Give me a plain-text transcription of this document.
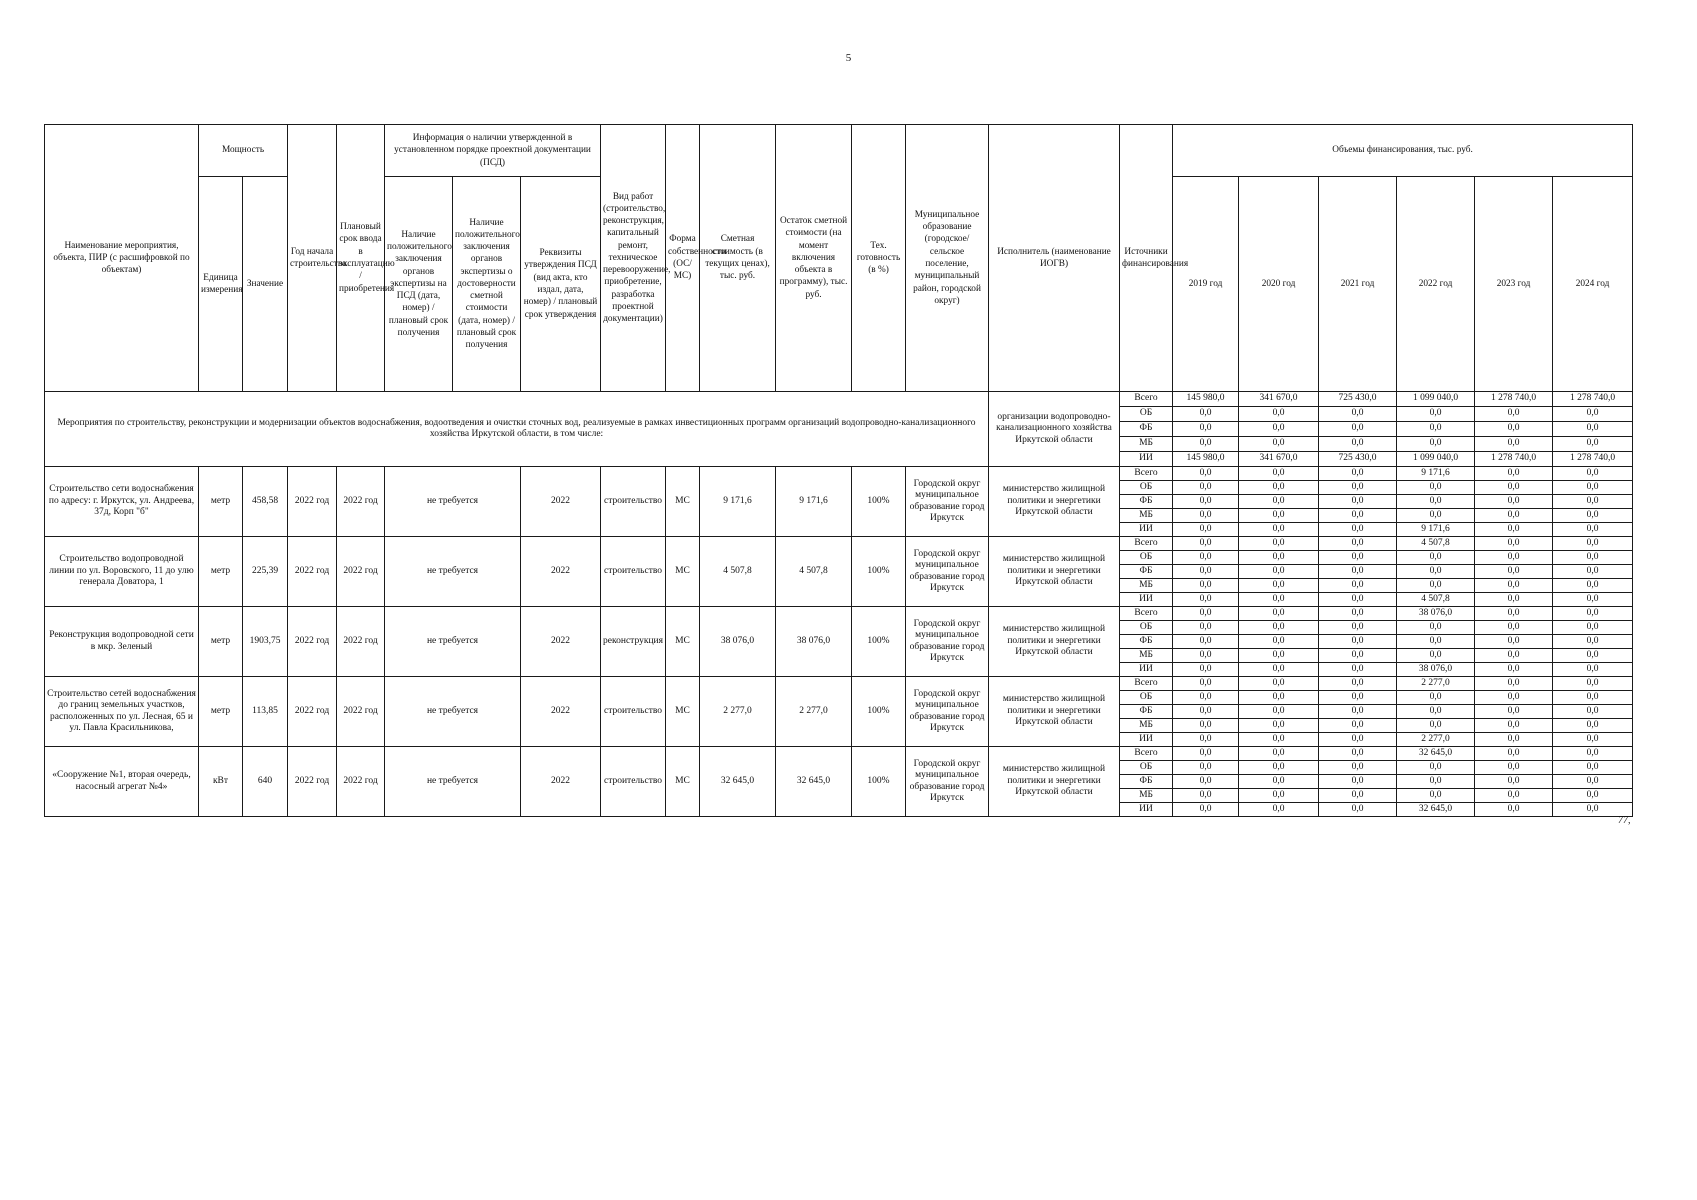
5
Наименование мероприятия, объекта, ПИР (с расшифровкой по объектам)	Мощность		Год начала строительства	Плановый срок ввода в эксплуатацию / приобретения	Информация о наличии утвержденной в установленном порядке проектной документации (ПСД)			Вид работ (строительство, реконструкция, капитальный ремонт, техническое перевооружение, приобретение, разработка проектной документации)	Форма собственности (ОС/ МС)	Сметная стоимость (в текущих ценах), тыс. руб.	Остаток сметной стоимости (на момент включения объекта в программу), тыс. руб.	Тех. готовность (в %)	Муниципальное образование (городское/сельское поселение, муниципальный район, городской округ)	Исполнитель (наименование ИОГВ)	Источники финансирования	Объемы финансирования, тыс. руб.					
	Единица измерения	Значение			Наличие положительного заключения органов экспертизы на ПСД (дата, номер) / плановый срок получения	Наличие положительного заключения органов экспертизы о достоверности сметной стоимости (дата, номер) / плановый срок получения	Реквизиты утверждения ПСД (вид акта, кто издал, дата, номер) / плановый срок утверждения									2019 год	2020 год	2021 год	2022 год	2023 год	2024 год
Мероприятия по строительству, реконструкции и модернизации объектов водоснабжения, водоотведения и очистки сточных вод, реализуемые в рамках инвестиционных программ организаций водопроводно-канализационного хозяйства Иркутской области, в том числе:														организации водопроводно-канализационного хозяйства Иркутской области	Всего	145 980,0	341 670,0	725 430,0	1 099 040,0	1 278 740,0	1 278 740,0
															ОБ	0,0	0,0	0,0	0,0	0,0	0,0
															ФБ	0,0	0,0	0,0	0,0	0,0	0,0
															МБ	0,0	0,0	0,0	0,0	0,0	0,0
															ИИ	145 980,0	341 670,0	725 430,0	1 099 040,0	1 278 740,0	1 278 740,0
Строительство сети водоснабжения по адресу: г. Иркутск, ул. Андреева, 37д, Корп "б"	метр	458,58	2022 год	2022 год	не требуется		2022	строительство	МС	9 171,6	9 171,6	100%	Городской округ муниципальное образование город Иркутск	министерство жилищной политики и энергетики Иркутской области	Всего	0,0	0,0	0,0	9 171,6	0,0	0,0
															ОБ	0,0	0,0	0,0	0,0	0,0	0,0
															ФБ	0,0	0,0	0,0	0,0	0,0	0,0
															МБ	0,0	0,0	0,0	0,0	0,0	0,0
															ИИ	0,0	0,0	0,0	9 171,6	0,0	0,0
Строительство водопроводной линии по ул. Воровского, 11 до улю генерала Доватора, 1	метр	225,39	2022 год	2022 год	не требуется		2022	строительство	МС	4 507,8	4 507,8	100%	Городской округ муниципальное образование город Иркутск	министерство жилищной политики и энергетики Иркутской области	Всего	0,0	0,0	0,0	4 507,8	0,0	0,0
															ОБ	0,0	0,0	0,0	0,0	0,0	0,0
															ФБ	0,0	0,0	0,0	0,0	0,0	0,0
															МБ	0,0	0,0	0,0	0,0	0,0	0,0
															ИИ	0,0	0,0	0,0	4 507,8	0,0	0,0
Реконструкция водопроводной сети в мкр. Зеленый	метр	1903,75	2022 год	2022 год	не требуется		2022	реконструкция	МС	38 076,0	38 076,0	100%	Городской округ муниципальное образование город Иркутск	министерство жилищной политики и энергетики Иркутской области	Всего	0,0	0,0	0,0	38 076,0	0,0	0,0
															ОБ	0,0	0,0	0,0	0,0	0,0	0,0
															ФБ	0,0	0,0	0,0	0,0	0,0	0,0
															МБ	0,0	0,0	0,0	0,0	0,0	0,0
															ИИ	0,0	0,0	0,0	38 076,0	0,0	0,0
Строительство сетей водоснабжения до границ земельных участков, расположенных по ул. Лесная, 65 и ул. Павла Красильникова,	метр	113,85	2022 год	2022 год	не требуется		2022	строительство	МС	2 277,0	2 277,0	100%	Городской округ муниципальное образование город Иркутск	министерство жилищной политики и энергетики Иркутской области	Всего	0,0	0,0	0,0	2 277,0	0,0	0,0
															ОБ	0,0	0,0	0,0	0,0	0,0	0,0
															ФБ	0,0	0,0	0,0	0,0	0,0	0,0
															МБ	0,0	0,0	0,0	0,0	0,0	0,0
															ИИ	0,0	0,0	0,0	2 277,0	0,0	0,0
«Сооружение №1, вторая очередь, насосный агрегат №4»	кВт	640	2022 год	2022 год	не требуется		2022	строительство	МС	32 645,0	32 645,0	100%	Городской округ муниципальное образование город Иркутск	министерство жилищной политики и энергетики Иркутской области	Всего	0,0	0,0	0,0	32 645,0	0,0	0,0
															ОБ	0,0	0,0	0,0	0,0	0,0	0,0
															ФБ	0,0	0,0	0,0	0,0	0,0	0,0
															МБ	0,0	0,0	0,0	0,0	0,0	0,0
															ИИ	0,0	0,0	0,0	32 645,0	0,0	0,0
77,
